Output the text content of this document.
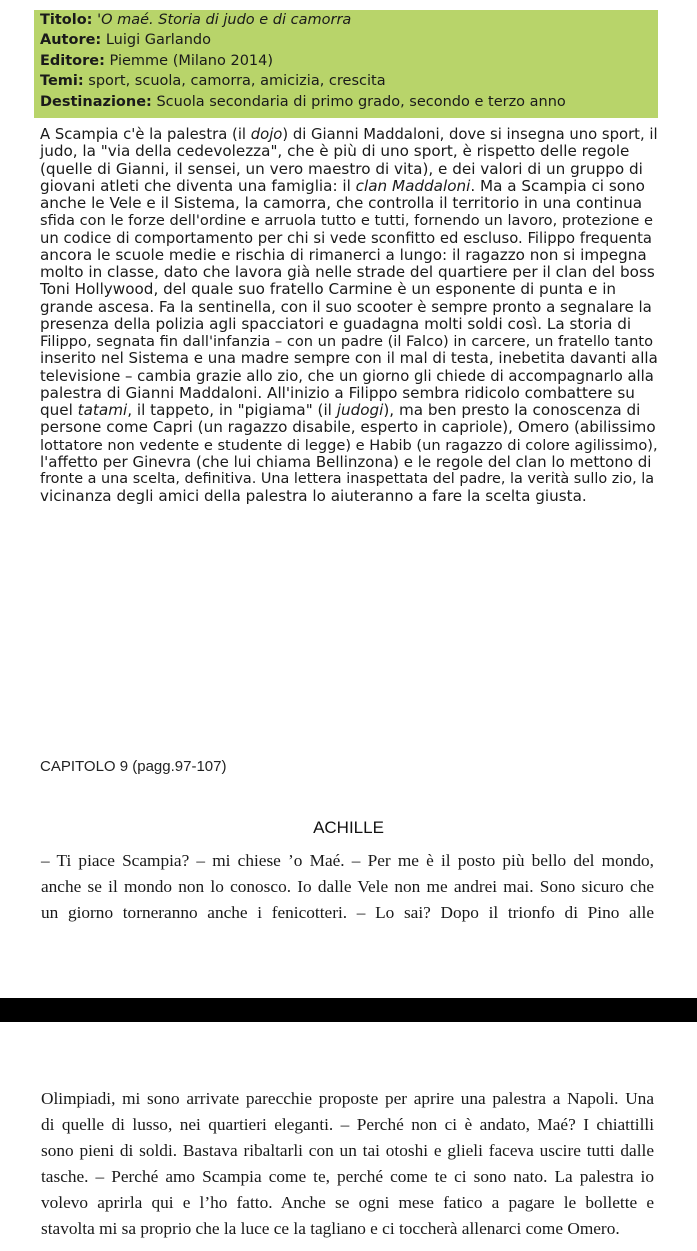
Titolo: 'O maé. Storia di judo e di camorra
Autore: Luigi Garlando
Editore: Piemme (Milano 2014)
Temi: sport, scuola, camorra, amicizia, crescita
Destinazione: Scuola secondaria di primo grado, secondo e terzo anno
A Scampia c'è la palestra (il dojo) di Gianni Maddaloni, dove si insegna uno sport, il
judo, la "via della cedevolezza", che è più di uno sport, è rispetto delle regole
(quelle di Gianni, il sensei, un vero maestro di vita), e dei valori di un gruppo di
giovani atleti che diventa una famiglia: il clan Maddaloni. Ma a Scampia ci sono
anche le Vele e il Sistema, la camorra, che controlla il territorio in una continua
sfida con le forze dell'ordine e arruola tutto e tutti, fornendo un lavoro, protezione e
un codice di comportamento per chi si vede sconfitto ed escluso. Filippo frequenta
ancora le scuole medie e rischia di rimanerci a lungo: il ragazzo non si impegna
molto in classe, dato che lavora già nelle strade del quartiere per il clan del boss
Toni Hollywood, del quale suo fratello Carmine è un esponente di punta e in
grande ascesa. Fa la sentinella, con il suo scooter è sempre pronto a segnalare la
presenza della polizia agli spacciatori e guadagna molti soldi così. La storia di
Filippo, segnata fin dall'infanzia – con un padre (il Falco) in carcere, un fratello tanto
inserito nel Sistema e una madre sempre con il mal di testa, inebetita davanti alla
televisione – cambia grazie allo zio, che un giorno gli chiede di accompagnarlo alla
palestra di Gianni Maddaloni. All'inizio a Filippo sembra ridicolo combattere su
quel tatami, il tappeto, in "pigiama" (il judogi), ma ben presto la conoscenza di
persone come Capri (un ragazzo disabile, esperto in capriole), Omero (abilissimo
lottatore non vedente e studente di legge) e Habib (un ragazzo di colore agilissimo),
l'affetto per Ginevra (che lui chiama Bellinzona) e le regole del clan lo mettono di
fronte a una scelta, definitiva. Una lettera inaspettata del padre, la verità sullo zio, la
vicinanza degli amici della palestra lo aiuteranno a fare la scelta giusta.
CAPITOLO 9 (pagg.97-107)
ACHILLE
– Ti piace Scampia? – mi chiese ’o Maé. – Per me è il posto più bello del mondo,
anche se il mondo non lo conosco. Io dalle Vele non me andrei mai. Sono sicuro che
un giorno torneranno anche i fenicotteri. – Lo sai? Dopo il trionfo di Pino alle
Olimpiadi, mi sono arrivate parecchie proposte per aprire una palestra a Napoli. Una
di quelle di lusso, nei quartieri eleganti. – Perché non ci è andato, Maé? I chiattilli
sono pieni di soldi. Bastava ribaltarli con un tai otoshi e glieli faceva uscire tutti dalle
tasche. – Perché amo Scampia come te, perché come te ci sono nato. La palestra io
volevo aprirla qui e l’ho fatto. Anche se ogni mese fatico a pagare le bollette e
stavolta mi sa proprio che la luce ce la tagliano e ci toccherà allenarci come Omero.
